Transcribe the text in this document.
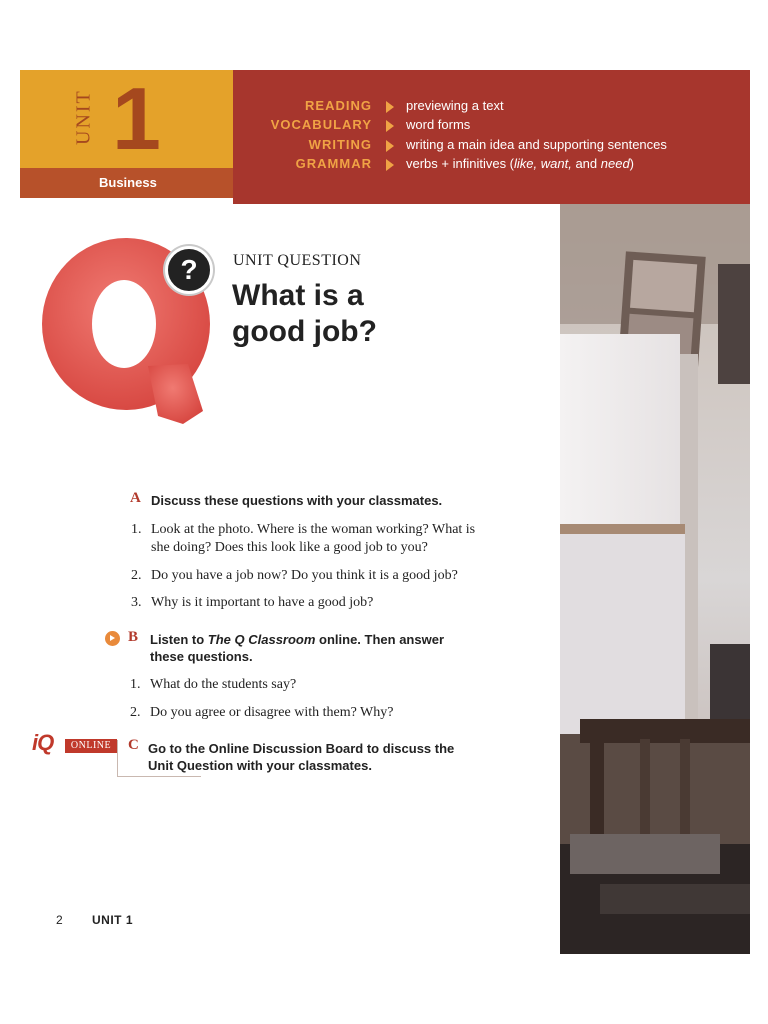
UNIT 1
Business
READING	previewing a text
VOCABULARY	word forms
WRITING	writing a main idea and supporting sentences
GRAMMAR	verbs + infinitives (like, want, and need)
?	UNIT QUESTION
What is a
good job?
A Discuss these questions with your classmates.
1. Look at the photo. Where is the woman working? What is
she doing? Does this look like a good job to you?
2. Do you have a job now? Do you think it is a good job?
3. Why is it important to have a good job?
B Listen to The Q Classroom online. Then answer
these questions.
1. What do the students say?
2. Do you agree or disagree with them? Why?
iQ	ONLINE	C Go to the Online Discussion Board to discuss the
Unit Question with your classmates.
2 UNIT 1
